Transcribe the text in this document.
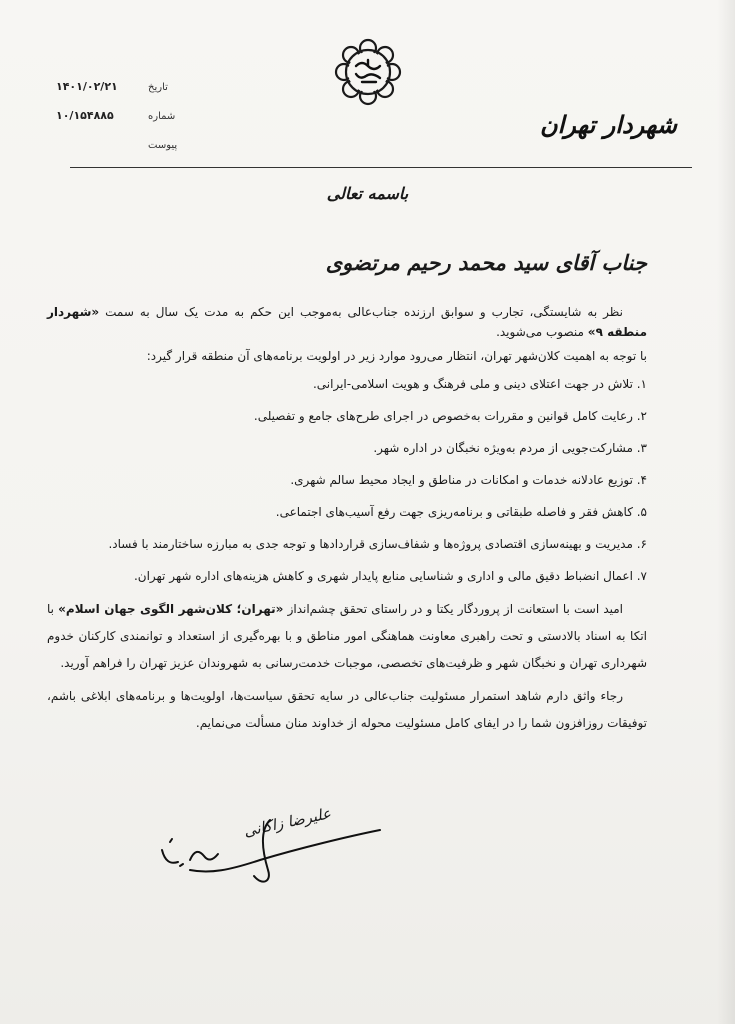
شهردار تهران
۱۴۰۱/۰۲/۲۱	تاریخ
۱۰/۱۵۴۸۸۵	شماره
پیوست
باسمه تعالی
جناب آقای سید محمد رحیم مرتضوی

نظر به شایستگی، تجارب و سوابق ارزنده جناب‌عالی به‌موجب این حکم به مدت یک سال به سمت «شهردار منطقه ۹» منصوب می‌شوید.

با توجه به اهمیت کلان‌شهر تهران، انتظار می‌رود موارد زیر در اولویت برنامه‌های آن منطقه قرار گیرد:

۱. تلاش در جهت اعتلای دینی و ملی فرهنگ و هویت اسلامی-ایرانی.

۲. رعایت کامل قوانین و مقررات به‌خصوص در اجرای طرح‌های جامع و تفصیلی.

۳. مشارکت‌جویی از مردم به‌ویژه نخبگان در اداره شهر.

۴. توزیع عادلانه خدمات و امکانات در مناطق و ایجاد محیط سالم شهری.

۵. کاهش فقر و فاصله طبقاتی و برنامه‌ریزی جهت رفع آسیب‌های اجتماعی.

۶. مدیریت و بهینه‌سازی اقتصادی پروژه‌ها و شفاف‌سازی قراردادها و توجه جدی به مبارزه ساختارمند با فساد.

۷. اعمال انضباط دقیق مالی و اداری و شناسایی منابع پایدار شهری و کاهش هزینه‌های اداره شهر تهران.

امید است با استعانت از پروردگار یکتا و در راستای تحقق چشم‌انداز «تهران؛ کلان‌شهر الگوی جهان اسلام» با اتکا به اسناد بالادستی و تحت راهبری معاونت هماهنگی امور مناطق و با بهره‌گیری از استعداد و توانمندی کارکنان خدوم شهرداری تهران و نخبگان شهر و ظرفیت‌های تخصصی، موجبات خدمت‌رسانی به شهروندان عزیز تهران را فراهم آورید.

رجاء واثق دارم شاهد استمرار مسئولیت جناب‌عالی در سایه تحقق سیاست‌ها، اولویت‌ها و برنامه‌های ابلاغی باشم، توفیقات روزافزون شما را در ایفای کامل مسئولیت محوله از خداوند منان مسألت می‌نمایم.

علیرضا زاکانی
